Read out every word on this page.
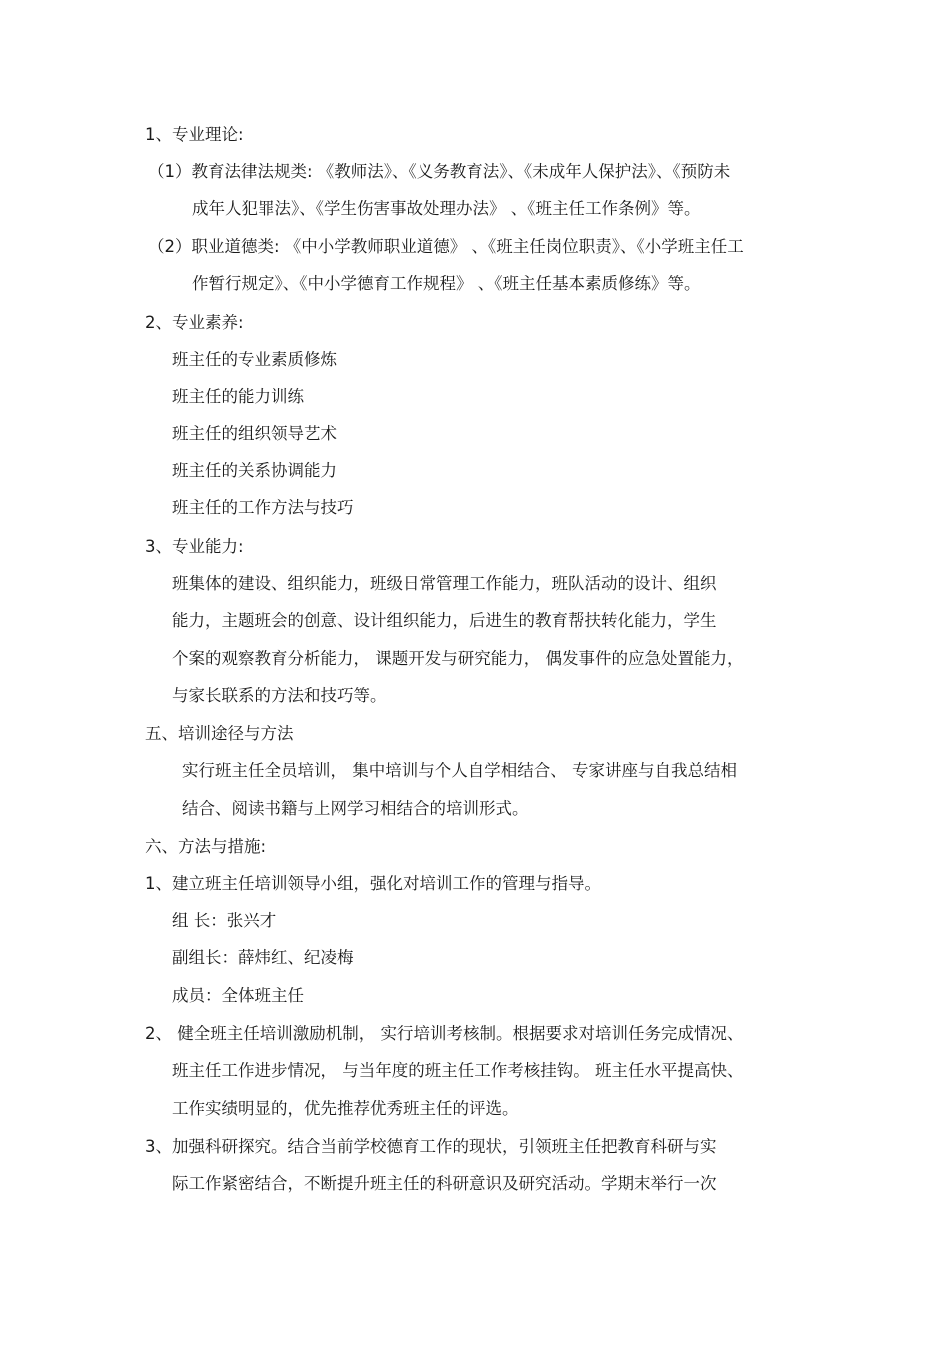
1、专业理论:
（1）教育法律法规类: 《教师法》、《义务教育法》、《未成年人保护法》、《预防未
成年人犯罪法》、《学生伤害事故处理办法》 、《班主任工作条例》等。
（2）职业道德类: 《中小学教师职业道德》 、《班主任岗位职责》、《小学班主任工
作暂行规定》、《中小学德育工作规程》 、《班主任基本素质修练》等。
2、专业素养:
班主任的专业素质修炼
班主任的能力训练
班主任的组织领导艺术
班主任的关系协调能力
班主任的工作方法与技巧
3、专业能力:
班集体的建设、组织能力，班级日常管理工作能力，班队活动的设计、组织
能力，主题班会的创意、设计组织能力，后进生的教育帮扶转化能力，学生
个案的观察教育分析能力， 课题开发与研究能力， 偶发事件的应急处置能力，
与家长联系的方法和技巧等。
五、培训途径与方法
实行班主任全员培训， 集中培训与个人自学相结合、 专家讲座与自我总结相
结合、阅读书籍与上网学习相结合的培训形式。
六、方法与措施:
1、建立班主任培训领导小组，强化对培训工作的管理与指导。
组 长：张兴才
副组长：薛炜红、纪凌梅
成员：全体班主任
2、 健全班主任培训激励机制， 实行培训考核制。根据要求对培训任务完成情况、
班主任工作进步情况， 与当年度的班主任工作考核挂钩。 班主任水平提高快、
工作实绩明显的，优先推荐优秀班主任的评选。
3、加强科研探究。结合当前学校德育工作的现状，引领班主任把教育科研与实
际工作紧密结合，不断提升班主任的科研意识及研究活动。学期末举行一次
